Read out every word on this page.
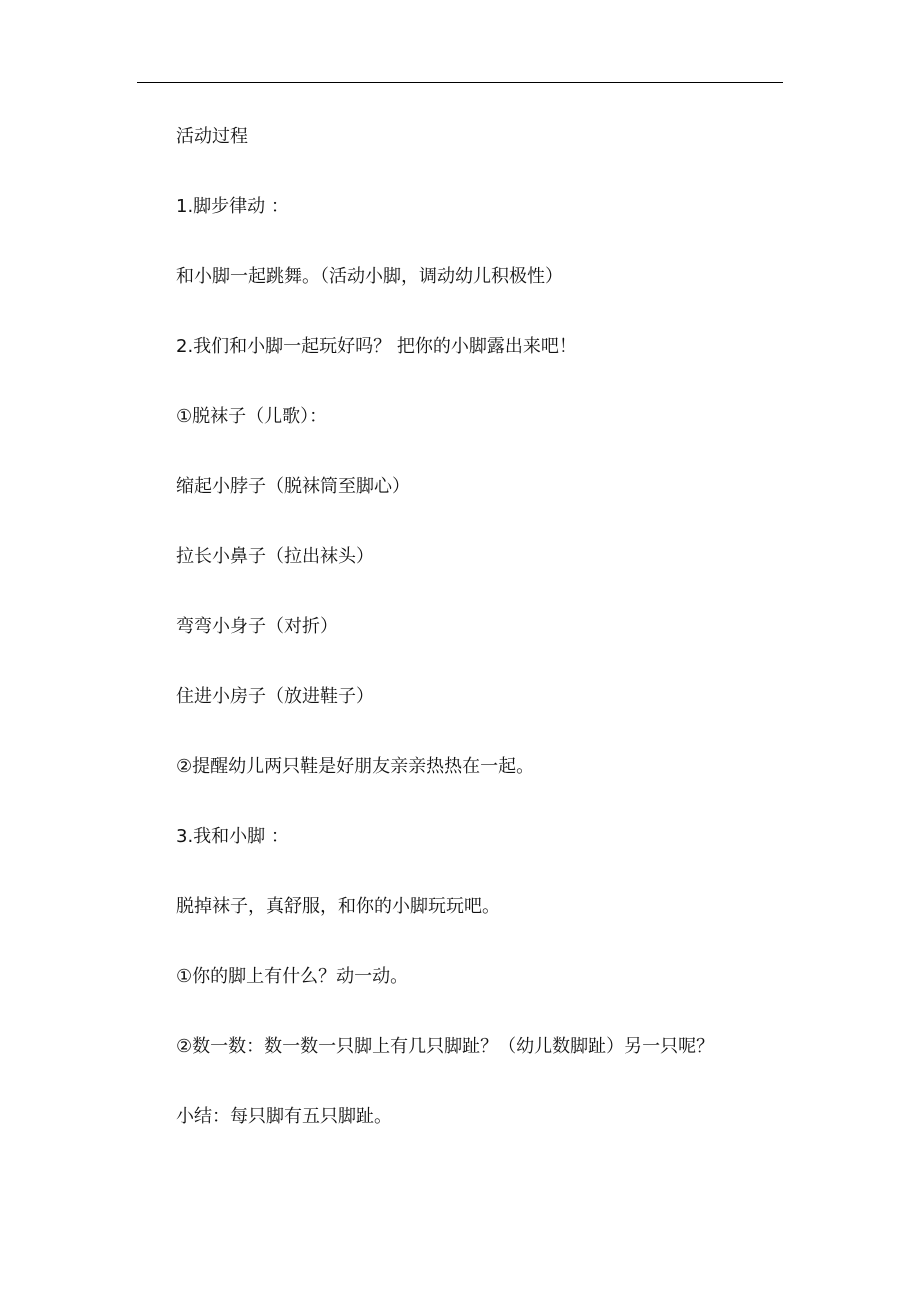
活动过程
1.脚步律动 ：
和小脚一起跳舞。（活动小脚，调动幼儿积极性）
2.我们和小脚一起玩好吗？ 把你的小脚露出来吧！
①脱袜子（儿歌）：
缩起小脖子（脱袜筒至脚心）
拉长小鼻子（拉出袜头）
弯弯小身子（对折）
住进小房子（放进鞋子）
②提醒幼儿两只鞋是好朋友亲亲热热在一起。
3.我和小脚 ：
脱掉袜子，真舒服，和你的小脚玩玩吧。
①你的脚上有什么？动一动。
②数一数：数一数一只脚上有几只脚趾？（幼儿数脚趾）另一只呢？
小结：每只脚有五只脚趾。
